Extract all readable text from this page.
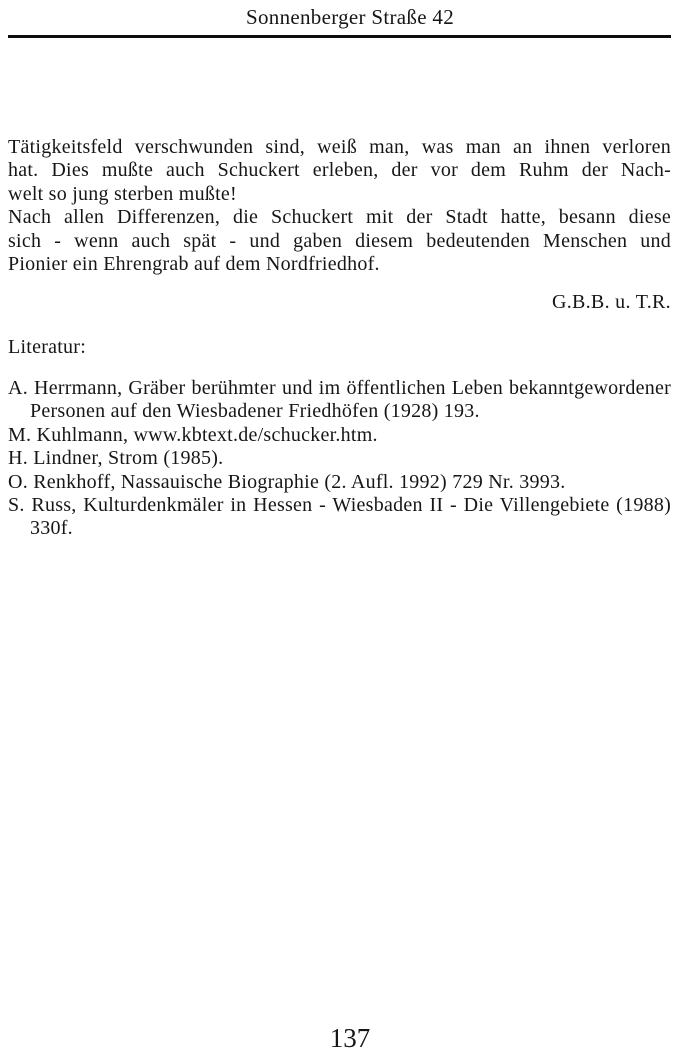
Sonnenberger Straße 42

Tätigkeitsfeld verschwunden sind, weiß man, was man an ihnen verloren

hat. Dies mußte auch Schuckert erleben, der vor dem Ruhm der Nach-

welt so jung sterben mußte!

Nach allen Differenzen, die Schuckert mit der Stadt hatte, besann diese

sich - wenn auch spät - und gaben diesem bedeutenden Menschen und

Pionier ein Ehrengrab auf dem Nordfriedhof.

G.B.B. u. T.R.
Literatur:

A. Herrmann, Gräber berühmter und im öffentlichen Leben bekanntgewordener

Personen auf den Wiesbadener Friedhöfen (1928) 193.

M. Kuhlmann, www.kbtext.de/schucker.htm.

H. Lindner, Strom (1985).

O. Renkhoff, Nassauische Biographie (2. Aufl. 1992) 729 Nr. 3993.

S. Russ, Kulturdenkmäler in Hessen - Wiesbaden II - Die Villengebiete (1988)

330f.

137
